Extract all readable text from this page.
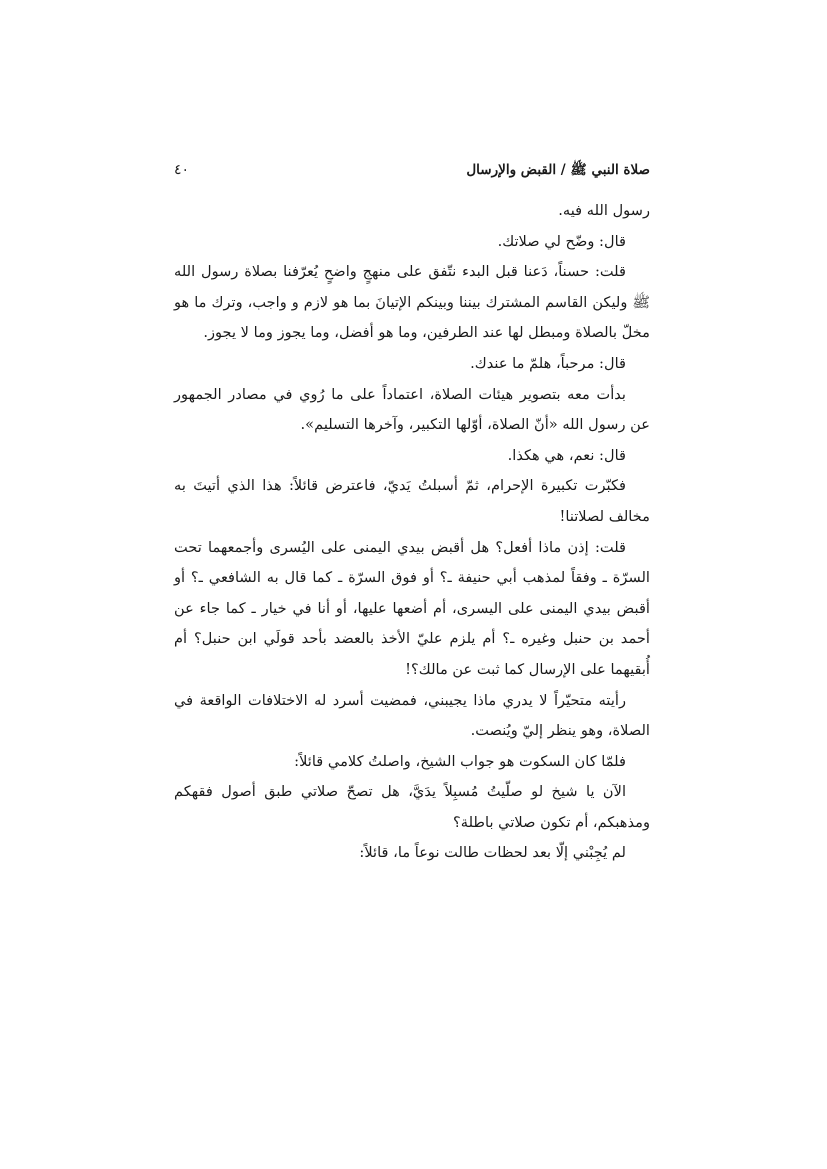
صلاة النبي ﷺ / القبض والإرسال
٤٠

رسول الله فيه.

قال: وضّح لي صلاتك.

قلت: حسناً، دَعنا قبل البدء نتّفق على منهجٍ واضحٍ يُعرّفنا بصلاة رسول الله ﷺ وليكن القاسم المشترك بيننا وبينكم الإتيانَ بما هو لازم و واجب، وترك ما هو مخلّ بالصلاة ومبطل لها عند الطرفين، وما هو أفضل، وما يجوز وما لا يجوز.

قال: مرحباً، هلمّ ما عندك.

بدأت معه بتصوير هيئات الصلاة، اعتماداً على ما رُوي في مصادر الجمهور عن رسول الله «أنّ الصلاة، أوّلها التكبير، وآخرها التسليم».

قال: نعم، هي هكذا.

فكبّرت تكبيرة الإحرام، ثمّ أسبلتُ يَديّ، فاعترض قائلاً: هذا الذي أتيتَ به مخالف لصلاتنا!

قلت: إذن ماذا أفعل؟ هل أقبض بيدي اليمنى على اليُسرى وأجمعهما تحت السرّة ـ وفقاً لمذهب أبي حنيفة ـ؟ أو فوق السرّة ـ كما قال به الشافعي ـ؟ أو أقبض بيدي اليمنى على اليسرى، أم أضعها عليها، أو أنا في خيار ـ كما جاء عن أحمد بن حنبل وغيره ـ؟ أم يلزم عليّ الأخذ بالعضد بأحد قولَي ابن حنبل؟ أم أُبقيهما على الإرسال كما ثبت عن مالك؟!

رأيته متحيّراً لا يدري ماذا يجيبني، فمضيت أسرد له الاختلافات الواقعة في الصلاة، وهو ينظر إليّ ويُنصت.

فلمّا كان السكوت هو جواب الشيخ، واصلتُ كلامي قائلاً:

الآن يا شيخ لو صلّيتُ مُسبِلاً يدَيَّ، هل تصحّ صلاتي طبق أصول فقهكم ومذهبكم، أم تكون صلاتي باطلة؟

لم يُجِبْني إلّا بعد لحظات طالت نوعاً ما، قائلاً:
